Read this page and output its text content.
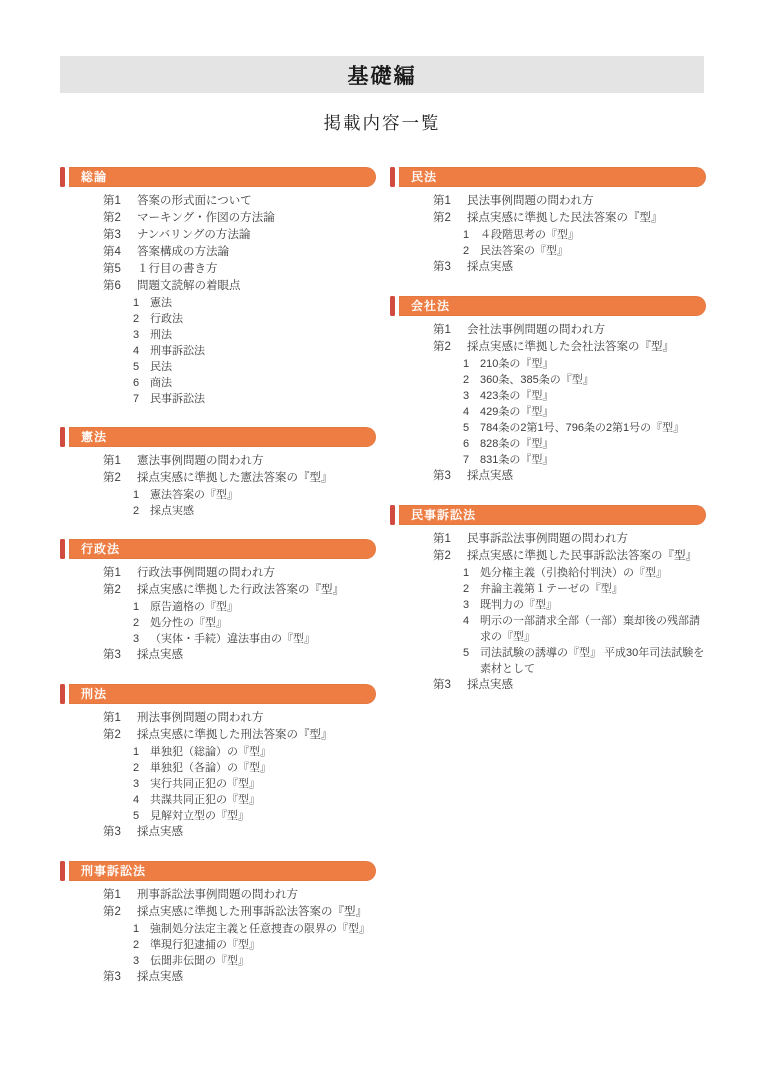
基礎編
掲載内容一覧
総論
第1	答案の形式面について
第2	マーキング・作図の方法論
第3	ナンバリングの方法論
第4	答案構成の方法論
第5	１行目の書き方
第6	問題文読解の着眼点
1 憲法
2 行政法
3 刑法
4 刑事訴訟法
5 民法
6 商法
7 民事訴訟法
憲法
第1	憲法事例問題の問われ方
第2	採点実感に準拠した憲法答案の『型』
1 憲法答案の『型』
2 採点実感
行政法
第1	行政法事例問題の問われ方
第2	採点実感に準拠した行政法答案の『型』
1 原告適格の『型』
2 処分性の『型』
3 （実体・手続）違法事由の『型』
第3	採点実感
刑法
第1	刑法事例問題の問われ方
第2	採点実感に準拠した刑法答案の『型』
1 単独犯（総論）の『型』
2 単独犯（各論）の『型』
3 実行共同正犯の『型』
4 共謀共同正犯の『型』
5 見解対立型の『型』
第3	採点実感
刑事訴訟法
第1	刑事訴訟法事例問題の問われ方
第2	採点実感に準拠した刑事訴訟法答案の『型』
1 強制処分法定主義と任意捜査の限界の『型』
2 準現行犯逮捕の『型』
3 伝聞非伝聞の『型』
第3	採点実感
民法
第1	民法事例問題の問われ方
第2	採点実感に準拠した民法答案の『型』
1 ４段階思考の『型』
2 民法答案の『型』
第3	採点実感
会社法
第1	会社法事例問題の問われ方
第2	採点実感に準拠した会社法答案の『型』
1 210条の『型』
2 360条、385条の『型』
3 423条の『型』
4 429条の『型』
5 784条の2第1号、796条の2第1号の『型』
6 828条の『型』
7 831条の『型』
第3	採点実感
民事訴訟法
第1	民事訴訟法事例問題の問われ方
第2	採点実感に準拠した民事訴訟法答案の『型』
1 処分権主義（引換給付判決）の『型』
2 弁論主義第１テーゼの『型』
3 既判力の『型』
4 明示の一部請求全部（一部）棄却後の残部請求の『型』
5 司法試験の誘導の『型』 平成30年司法試験を素材として
第3	採点実感
